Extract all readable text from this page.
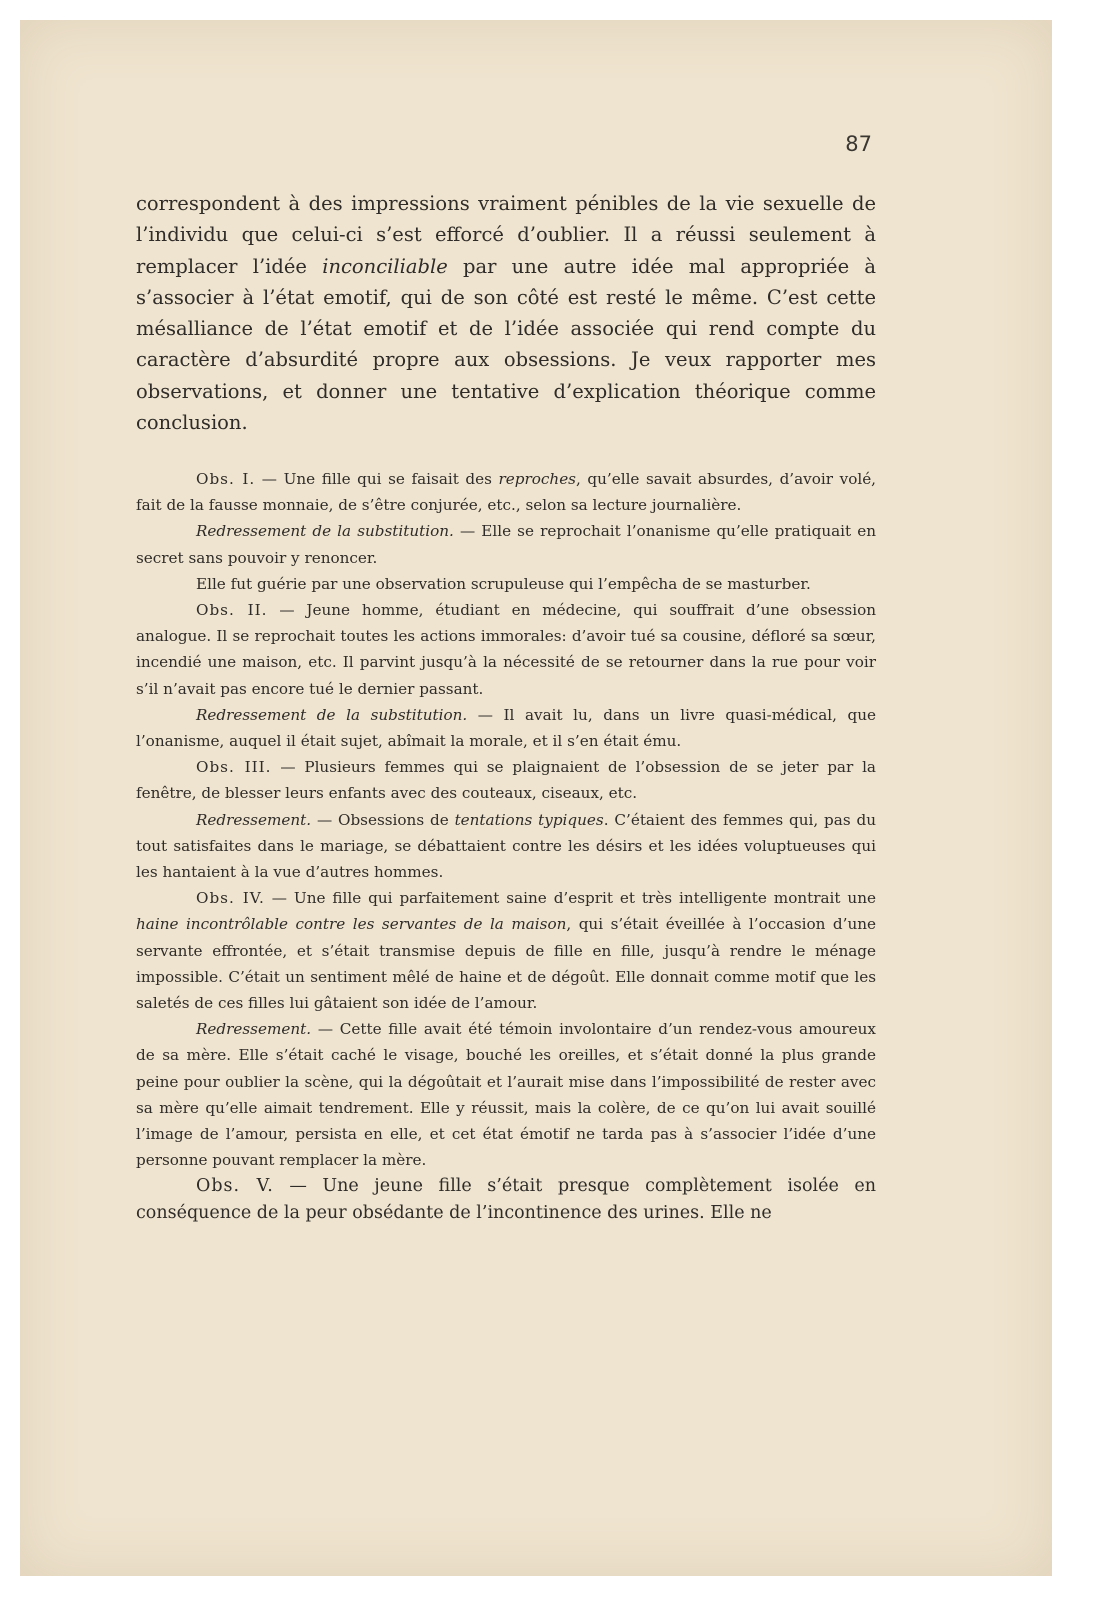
87

correspondent à des impressions vraiment pénibles de la vie sexuelle de l’individu que celui-ci s’est efforcé d’oublier. Il a réussi seulement à remplacer l’idée inconciliable par une autre idée mal appropriée à s’associer à l’état emotif, qui de son côté est resté le même. C’est cette mésalliance de l’état emotif et de l’idée associée qui rend compte du caractère d’absurdité propre aux obsessions. Je veux rapporter mes observations, et donner une tentative d’explication théorique comme conclusion.

Obs. I. — Une fille qui se faisait des reproches, qu’elle savait absurdes, d’avoir volé, fait de la fausse monnaie, de s’être conjurée, etc., selon sa lecture journalière.

Redressement de la substitution. — Elle se reprochait l’onanisme qu’elle pratiquait en secret sans pouvoir y renoncer.

Elle fut guérie par une observation scrupuleuse qui l’empêcha de se masturber.

Obs. II. — Jeune homme, étudiant en médecine, qui souffrait d’une obsession analogue. Il se reprochait toutes les actions immorales: d’avoir tué sa cousine, défloré sa sœur, incendié une maison, etc. Il parvint jusqu’à la nécessité de se retourner dans la rue pour voir s’il n’avait pas encore tué le dernier passant.

Redressement de la substitution. — Il avait lu, dans un livre quasi-médical, que l’onanisme, auquel il était sujet, abîmait la morale, et il s’en était ému.

Obs. III. — Plusieurs femmes qui se plaignaient de l’obsession de se jeter par la fenêtre, de blesser leurs enfants avec des couteaux, ciseaux, etc.

Redressement. — Obsessions de tentations typiques. C’étaient des femmes qui, pas du tout satisfaites dans le mariage, se débattaient contre les désirs et les idées voluptueuses qui les hantaient à la vue d’autres hommes.

Obs. IV. — Une fille qui parfaitement saine d’esprit et très intelligente montrait une haine incontrôlable contre les servantes de la maison, qui s’était éveillée à l’occasion d’une servante effrontée, et s’était transmise depuis de fille en fille, jusqu’à rendre le ménage impossible. C’était un sentiment mêlé de haine et de dégoût. Elle donnait comme motif que les saletés de ces filles lui gâtaient son idée de l’amour.

Redressement. — Cette fille avait été témoin involontaire d’un rendez-vous amoureux de sa mère. Elle s’était caché le visage, bouché les oreilles, et s’était donné la plus grande peine pour oublier la scène, qui la dégoûtait et l’aurait mise dans l’impossibilité de rester avec sa mère qu’elle aimait tendrement. Elle y réussit, mais la colère, de ce qu’on lui avait souillé l’image de l’amour, persista en elle, et cet état émotif ne tarda pas à s’associer l’idée d’une personne pouvant remplacer la mère.

Obs. V. — Une jeune fille s’était presque complètement isolée en conséquence de la peur obsédante de l’incontinence des urines. Elle ne
